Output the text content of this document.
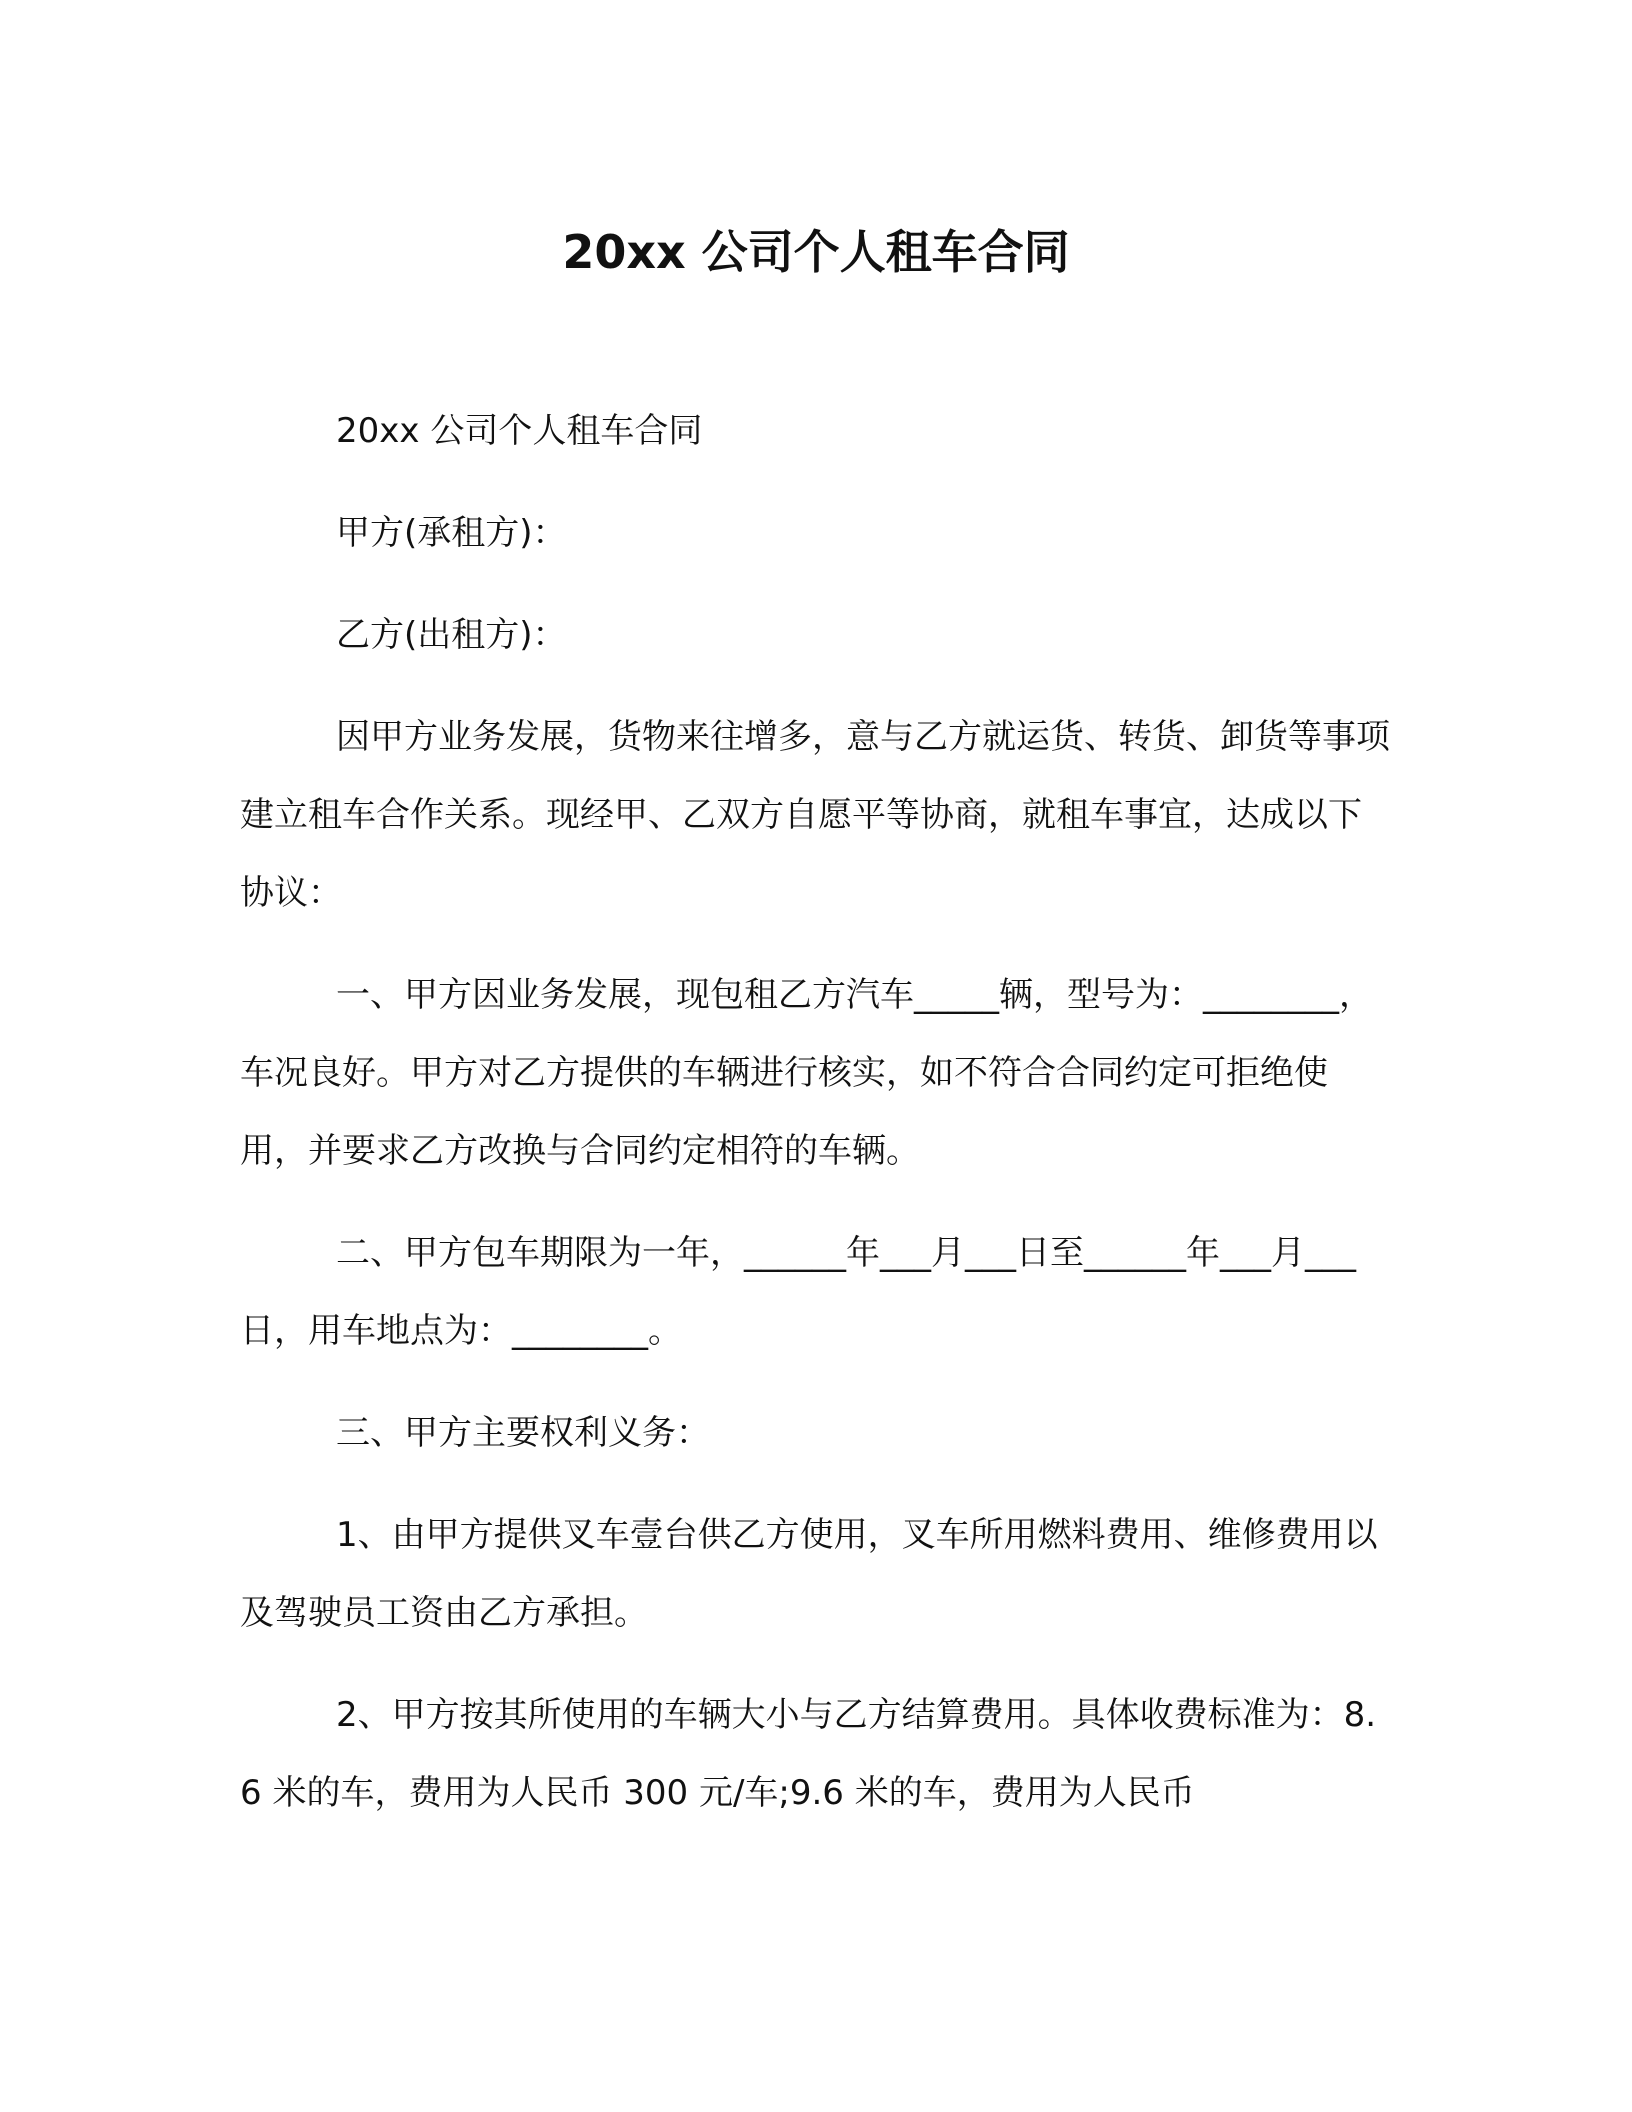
20xx 公司个人租车合同

20xx 公司个人租车合同

甲方(承租方)：

乙方(出租方)：

因甲方业务发展，货物来往增多，意与乙方就运货、转货、卸货等事项建立租车合作关系。现经甲、乙双方自愿平等协商，就租车事宜，达成以下协议：

一、甲方因业务发展，现包租乙方汽车_____辆，型号为：________，车况良好。甲方对乙方提供的车辆进行核实，如不符合合同约定可拒绝使用，并要求乙方改换与合同约定相符的车辆。

二、甲方包车期限为一年，______年___月___日至______年___月___日，用车地点为：________。

三、甲方主要权利义务：

1、由甲方提供叉车壹台供乙方使用，叉车所用燃料费用、维修费用以及驾驶员工资由乙方承担。

2、甲方按其所使用的车辆大小与乙方结算费用。具体收费标准为：8.6 米的车，费用为人民币 300 元/车;9.6 米的车，费用为人民币
